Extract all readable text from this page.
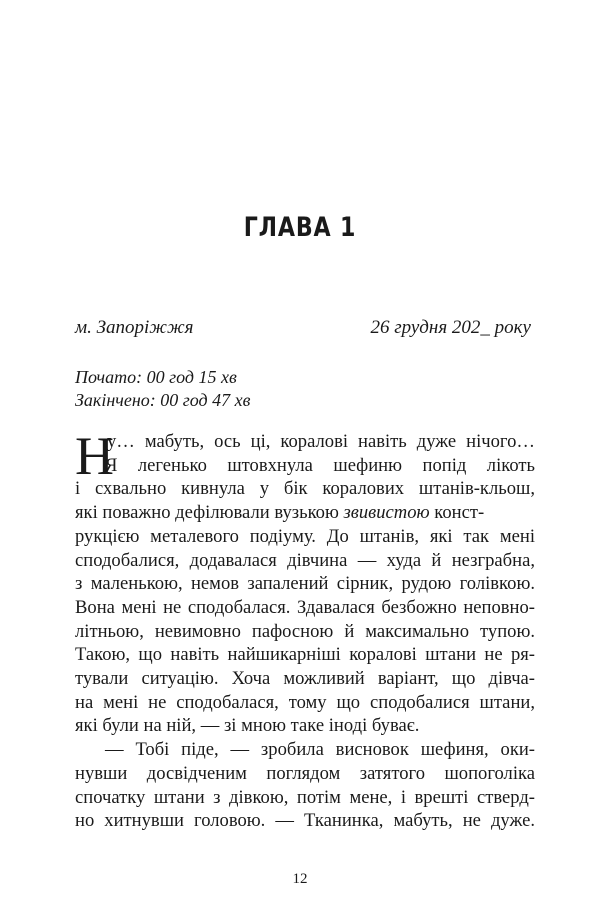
ГЛАВА 1
м. Запоріжжя	26 грудня 202_ року
Почато: 00 год 15 хв
Закінчено: 00 год 47 хв
Н
у… мабуть, ось ці, коралові навіть дуже нічого…
Я легенько штовхнула шефиню попід лікоть
і схвально кивнула у бік коралових штанів-кльош,
які поважно дефілювали вузькою звивистою конст-
рукцією металевого подіуму. До штанів, які так мені
сподобалися, додавалася дівчина — худа й незграбна,
з маленькою, немов запалений сірник, рудою голівкою.
Вона мені не сподобалася. Здавалася безбожно неповно-
літньою, невимовно пафосною й максимально тупою.
Такою, що навіть найшикарніші коралові штани не ря-
тували ситуацію. Хоча можливий варіант, що дівча-
на мені не сподобалася, тому що сподобалися штани,
які були на ній, — зі мною таке іноді буває.
— Тобі піде, — зробила висновок шефиня, оки-
нувши досвідченим поглядом затятого шопоголіка
спочатку штани з дівкою, потім мене, і врешті стверд-
но хитнувши головою. — Тканинка, мабуть, не дуже.
12
